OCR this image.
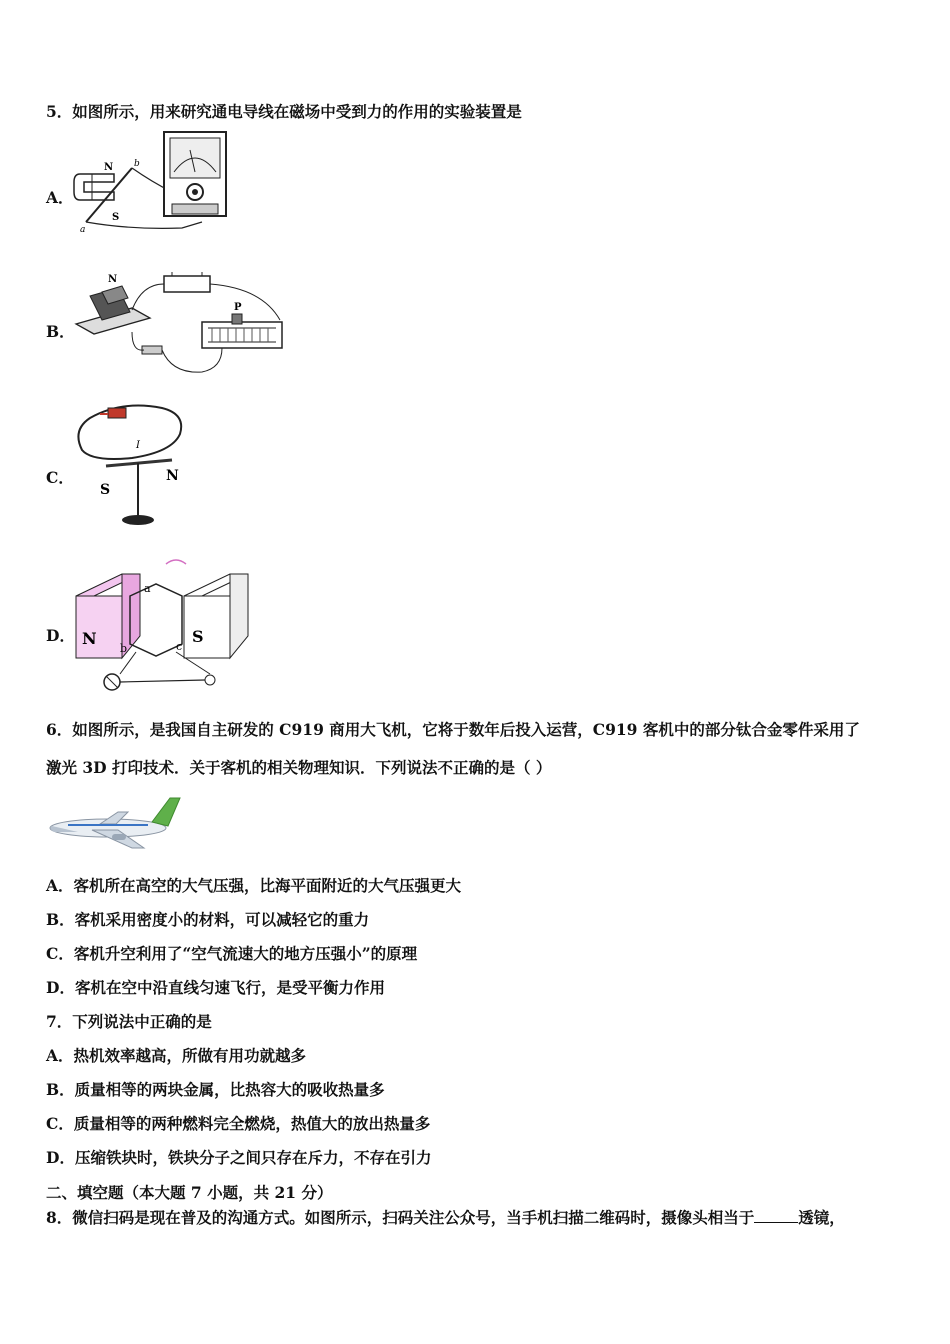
5．如图所示，用来研究通电导线在磁场中受到力的作用的实验装置是
A．
N
S
a
b
B．
N
P
C．
I
S
N
D． N	S
a
b	c
6．如图所示，是我国自主研发的 C919 商用大飞机，它将于数年后投入运营，C919 客机中的部分钛合金零件采用了
激光 3D 打印技术．关于客机的相关物理知识．下列说法不正确的是（ ）
A．客机所在高空的大气压强，比海平面附近的大气压强更大
B．客机采用密度小的材料，可以减轻它的重力
C．客机升空利用了“空气流速大的地方压强小”的原理
D．客机在空中沿直线匀速飞行，是受平衡力作用
7．下列说法中正确的是
A．热机效率越高，所做有用功就越多
B．质量相等的两块金属，比热容大的吸收热量多
C．质量相等的两种燃料完全燃烧，热值大的放出热量多
D．压缩铁块时，铁块分子之间只存在斥力，不存在引力
二、填空题（本大题 7 小题，共 21 分）
8．微信扫码是现在普及的沟通方式。如图所示，扫码关注公众号，当手机扫描二维码时，摄像头相当于	透镜，
